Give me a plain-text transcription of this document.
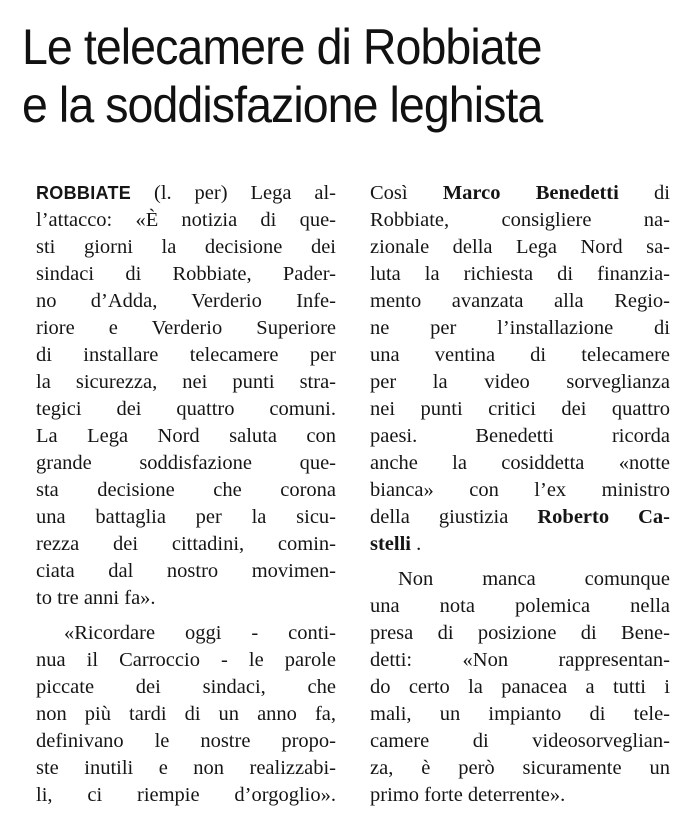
Le telecamere di Robbiate
e la soddisfazione leghista
ROBBIATE (l. per) Lega al-
l’attacco: «È notizia di que-
sti giorni la decisione dei
sindaci di Robbiate, Pader-
no d’Adda, Verderio Infe-
riore e Verderio Superiore
di installare telecamere per
la sicurezza, nei punti stra-
tegici dei quattro comuni.
La Lega Nord saluta con
grande soddisfazione que-
sta decisione che corona
una battaglia per la sicu-
rezza dei cittadini, comin-
ciata dal nostro movimen-
to tre anni fa».
«Ricordare oggi - conti-
nua il Carroccio - le parole
piccate dei sindaci, che
non più tardi di un anno fa,
definivano le nostre propo-
ste inutili e non realizzabi-
li, ci riempie d’orgoglio».
Così Marco Benedetti di
Robbiate, consigliere na-
zionale della Lega Nord sa-
luta la richiesta di finanzia-
mento avanzata alla Regio-
ne per l’installazione di
una ventina di telecamere
per la video sorveglianza
nei punti critici dei quattro
paesi. Benedetti ricorda
anche la cosiddetta «notte
bianca» con l’ex ministro
della giustizia Roberto Ca-
stelli .
Non manca comunque
una nota polemica nella
presa di posizione di Bene-
detti: «Non rappresentan-
do certo la panacea a tutti i
mali, un impianto di tele-
camere di videosorveglian-
za, è però sicuramente un
primo forte deterrente».
